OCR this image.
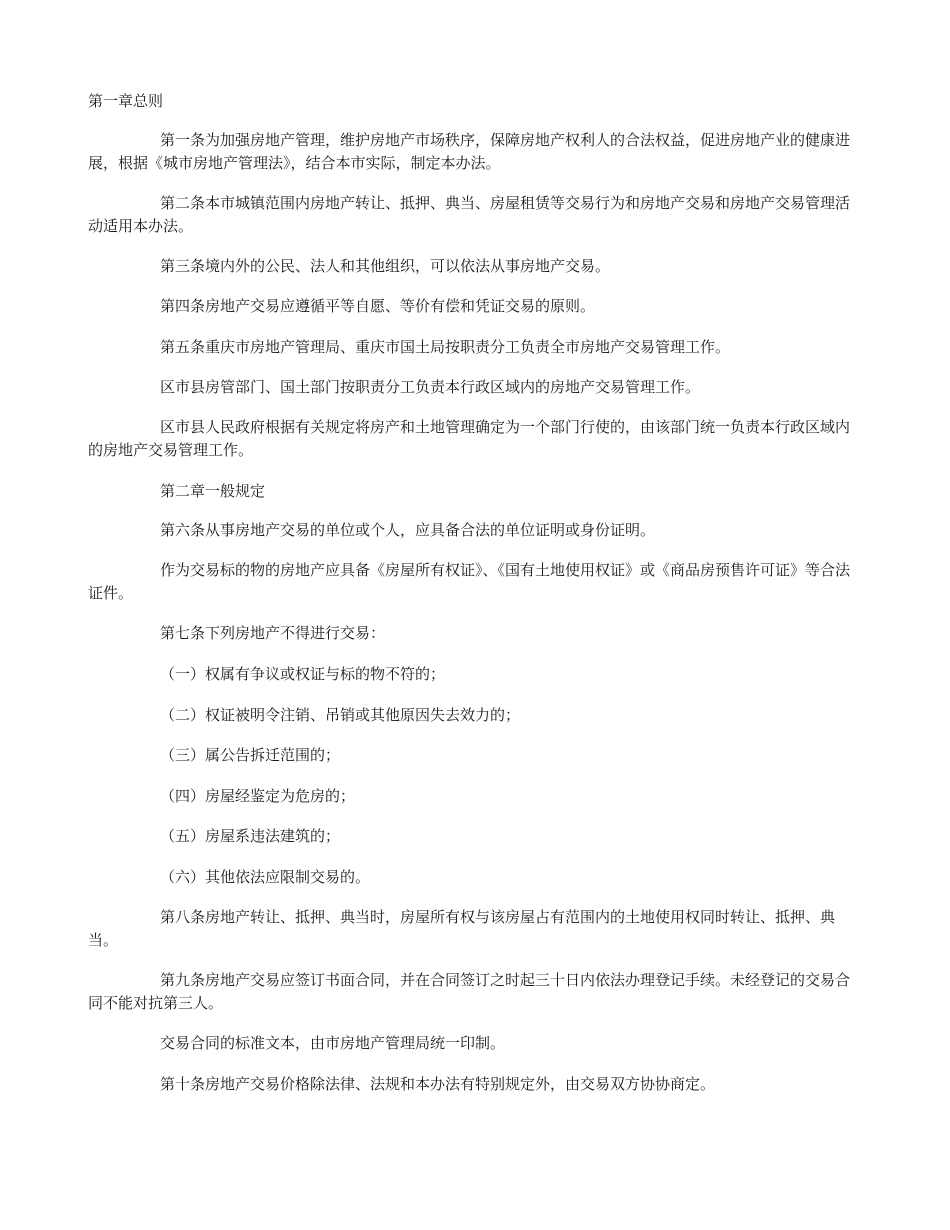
第一章总则

第一条为加强房地产管理，维护房地产市场秩序，保障房地产权利人的合法权益，促进房地产业的健康进展，根据《城市房地产管理法》，结合本市实际，制定本办法。

第二条本市城镇范围内房地产转让、抵押、典当、房屋租赁等交易行为和房地产交易和房地产交易管理活动适用本办法。

第三条境内外的公民、法人和其他组织，可以依法从事房地产交易。

第四条房地产交易应遵循平等自愿、等价有偿和凭证交易的原则。

第五条重庆市房地产管理局、重庆市国土局按职责分工负责全市房地产交易管理工作。

区市县房管部门、国土部门按职责分工负责本行政区域内的房地产交易管理工作。

区市县人民政府根据有关规定将房产和土地管理确定为一个部门行使的，由该部门统一负责本行政区域内的房地产交易管理工作。

第二章一般规定

第六条从事房地产交易的单位或个人，应具备合法的单位证明或身份证明。

作为交易标的物的房地产应具备《房屋所有权证》、《国有土地使用权证》或《商品房预售许可证》等合法证件。

第七条下列房地产不得进行交易：

（一）权属有争议或权证与标的物不符的；

（二）权证被明令注销、吊销或其他原因失去效力的；

（三）属公告拆迁范围的；

（四）房屋经鉴定为危房的；

（五）房屋系违法建筑的；

（六）其他依法应限制交易的。

第八条房地产转让、抵押、典当时，房屋所有权与该房屋占有范围内的土地使用权同时转让、抵押、典当。

第九条房地产交易应签订书面合同，并在合同签订之时起三十日内依法办理登记手续。未经登记的交易合同不能对抗第三人。

交易合同的标准文本，由市房地产管理局统一印制。

第十条房地产交易价格除法律、法规和本办法有特别规定外，由交易双方协协商定。
